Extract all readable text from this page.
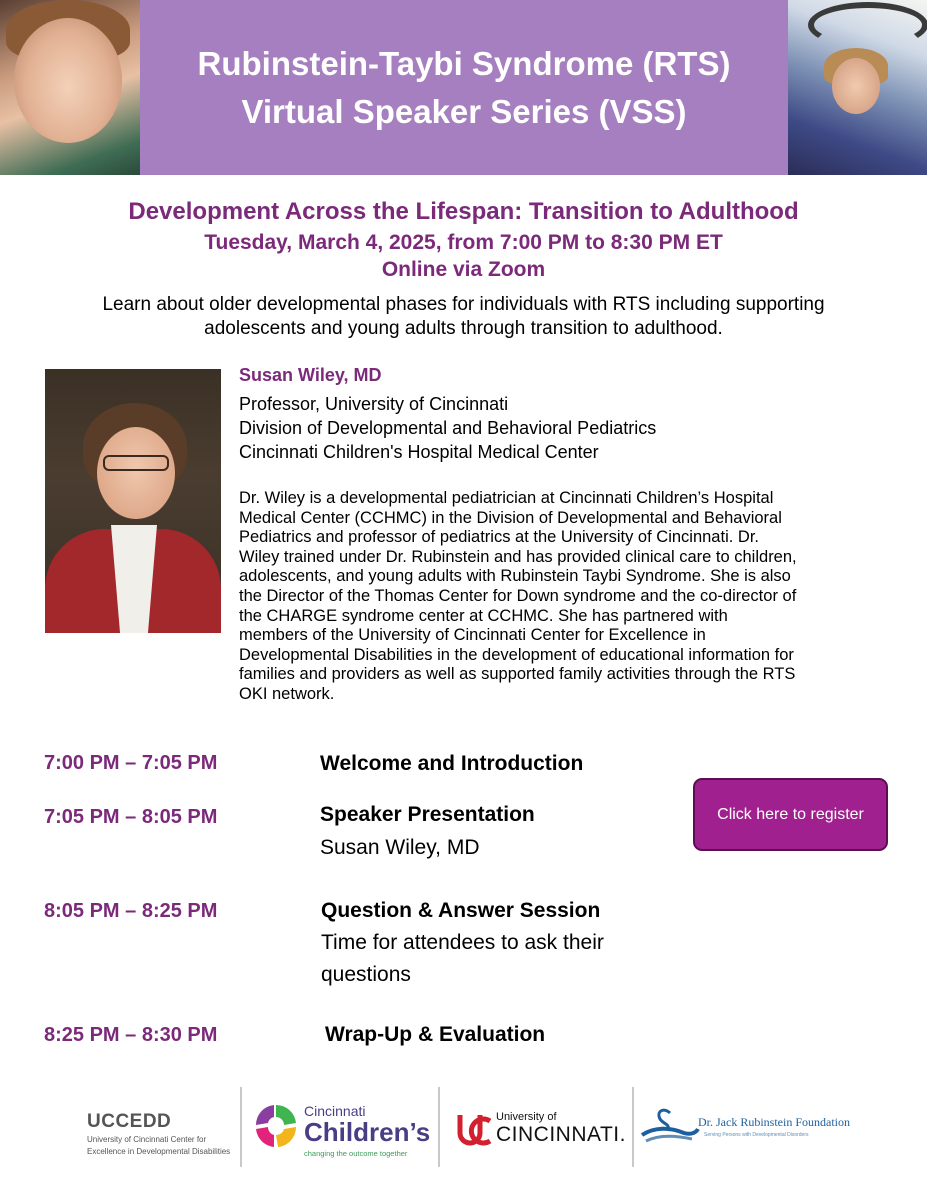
Rubinstein-Taybi Syndrome (RTS)
Virtual Speaker Series (VSS)
Development Across the Lifespan: Transition to Adulthood
Tuesday, March 4, 2025, from 7:00 PM to 8:30 PM ET
Online via Zoom
Learn about older developmental phases for individuals with RTS including supporting
adolescents and young adults through transition to adulthood.
Susan Wiley, MD
Professor, University of Cincinnati
Division of Developmental and Behavioral Pediatrics
Cincinnati Children's Hospital Medical Center
Dr. Wiley is a developmental pediatrician at Cincinnati Children’s Hospital
Medical Center (CCHMC) in the Division of Developmental and Behavioral
Pediatrics and professor of pediatrics at the University of Cincinnati. Dr.
Wiley trained under Dr. Rubinstein and has provided clinical care to children,
adolescents, and young adults with Rubinstein Taybi Syndrome. She is also
the Director of the Thomas Center for Down syndrome and the co-director of
the CHARGE syndrome center at CCHMC. She has partnered with
members of the University of Cincinnati Center for Excellence in
Developmental Disabilities in the development of educational information for
families and providers as well as supported family activities through the RTS
OKI network.
7:00 PM – 7:05 PM	Welcome and Introduction
7:05 PM – 8:05 PM	Speaker Presentation
Susan Wiley, MD
8:05 PM – 8:25 PM	Question & Answer Session
Time for attendees to ask their
questions
8:25 PM – 8:30 PM	Wrap-Up & Evaluation
Click here to register
UCCEDD
University of Cincinnati Center for
Excellence in Developmental Disabilities
Cincinnati
Children’s
changing the outcome together
University of
CINCINNATI.
Dr. Jack Rubinstein Foundation
Serving Persons with Developmental Disorders
